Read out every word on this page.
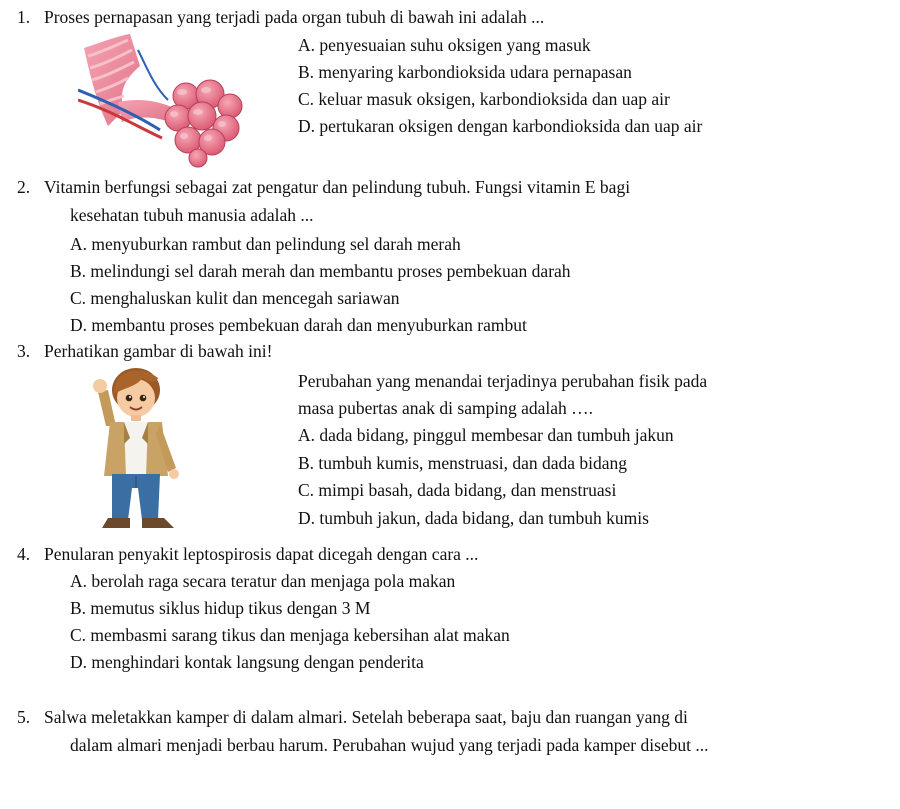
1. Proses pernapasan yang terjadi pada organ tubuh di bawah ini adalah ...
A. penyesuaian suhu oksigen yang masuk
B. menyaring karbondioksida udara pernapasan
C. keluar masuk oksigen, karbondioksida dan uap air
D. pertukaran oksigen dengan karbondioksida dan uap air
2. Vitamin berfungsi sebagai zat pengatur dan pelindung tubuh. Fungsi vitamin E bagi
kesehatan tubuh manusia adalah ...
A. menyuburkan rambut dan pelindung sel darah merah
B. melindungi sel darah merah dan membantu proses pembekuan darah
C. menghaluskan kulit dan mencegah sariawan
D. membantu proses pembekuan darah dan menyuburkan rambut
3. Perhatikan gambar di bawah ini!
Perubahan yang menandai terjadinya perubahan fisik pada
masa pubertas anak di samping adalah ….
A. dada bidang, pinggul membesar dan tumbuh jakun
B. tumbuh kumis, menstruasi, dan dada bidang
C. mimpi basah, dada bidang, dan menstruasi
D. tumbuh jakun, dada bidang, dan tumbuh kumis
4. Penularan penyakit leptospirosis dapat dicegah dengan cara ...
A. berolah raga secara teratur dan menjaga pola makan
B. memutus siklus hidup tikus dengan 3 M
C. membasmi sarang tikus dan menjaga kebersihan alat makan
D. menghindari kontak langsung dengan penderita
5. Salwa meletakkan kamper di dalam almari. Setelah beberapa saat, baju dan ruangan yang di
dalam almari menjadi berbau harum. Perubahan wujud yang terjadi pada kamper disebut ...
